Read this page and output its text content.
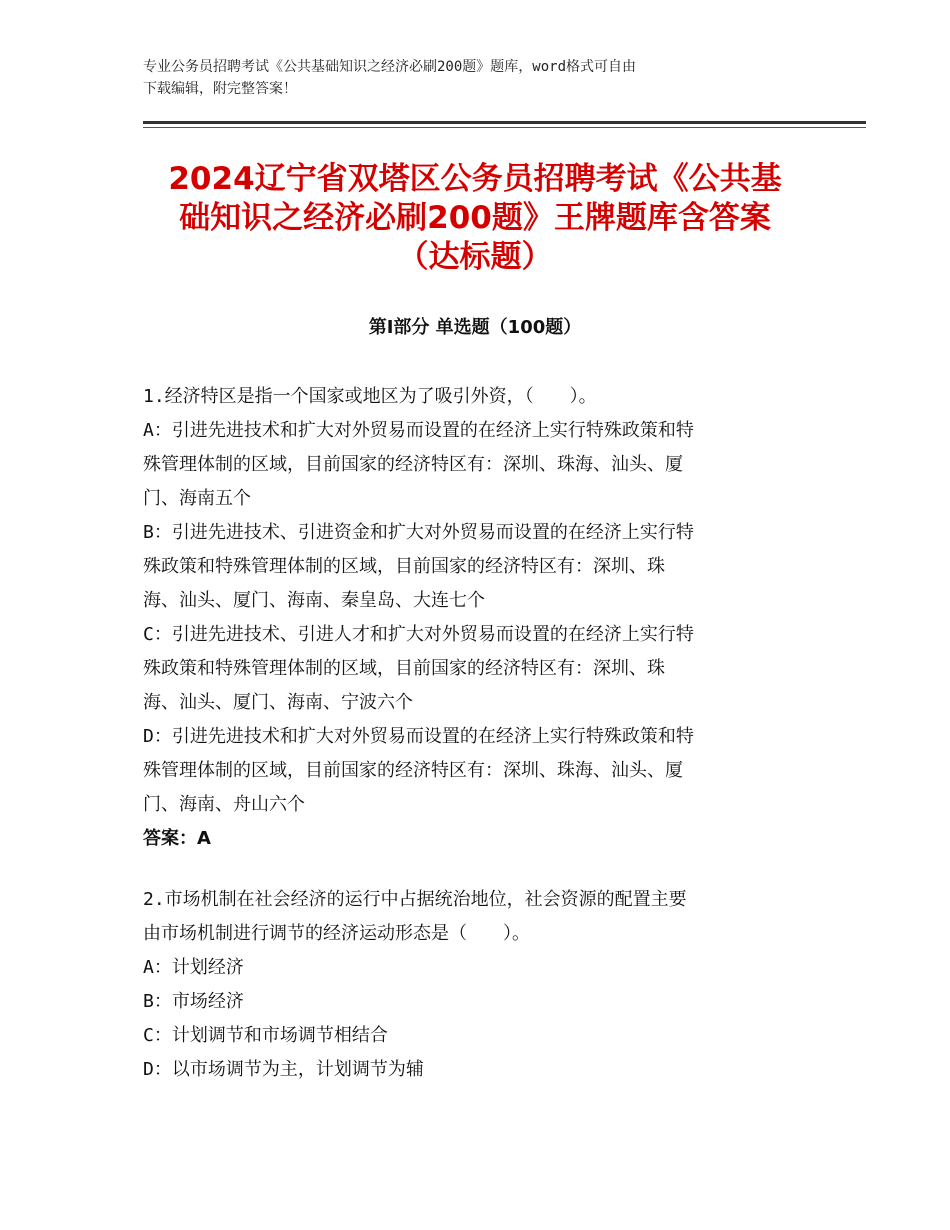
专业公务员招聘考试《公共基础知识之经济必刷200题》题库，word格式可自由
下载编辑，附完整答案！
2024辽宁省双塔区公务员招聘考试《公共基
础知识之经济必刷200题》王牌题库含答案
（达标题）
第Ⅰ部分 单选题（100题）
1.经济特区是指一个国家或地区为了吸引外资，（　　）。
A：引进先进技术和扩大对外贸易而设置的在经济上实行特殊政策和特
殊管理体制的区域，目前国家的经济特区有：深圳、珠海、汕头、厦
门、海南五个
B：引进先进技术、引进资金和扩大对外贸易而设置的在经济上实行特
殊政策和特殊管理体制的区域，目前国家的经济特区有：深圳、珠
海、汕头、厦门、海南、秦皇岛、大连七个
C：引进先进技术、引进人才和扩大对外贸易而设置的在经济上实行特
殊政策和特殊管理体制的区域，目前国家的经济特区有：深圳、珠
海、汕头、厦门、海南、宁波六个
D：引进先进技术和扩大对外贸易而设置的在经济上实行特殊政策和特
殊管理体制的区域，目前国家的经济特区有：深圳、珠海、汕头、厦
门、海南、舟山六个
答案：A
2.市场机制在社会经济的运行中占据统治地位，社会资源的配置主要
由市场机制进行调节的经济运动形态是（　　）。
A：计划经济
B：市场经济
C：计划调节和市场调节相结合
D：以市场调节为主，计划调节为辅
